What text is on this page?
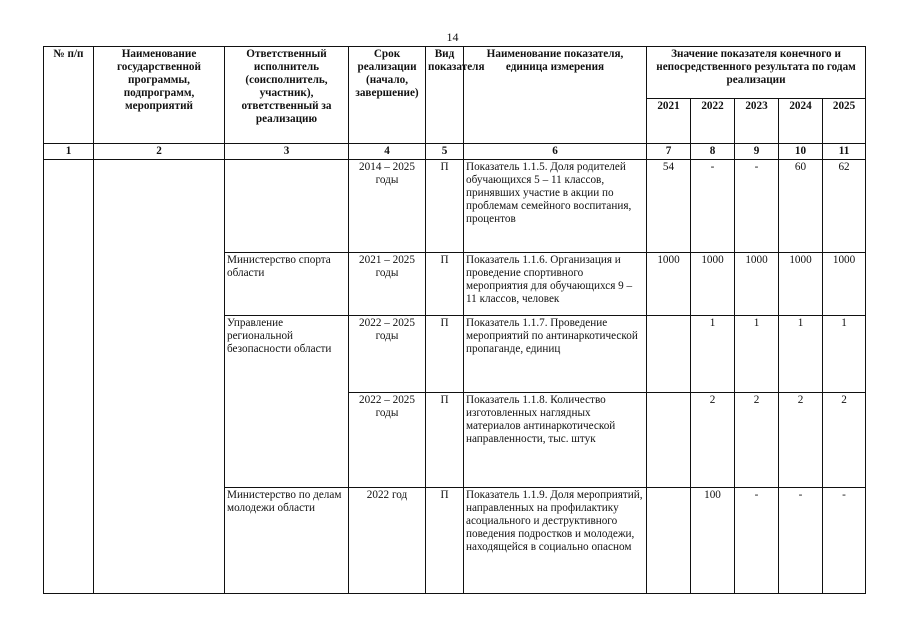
14
№ п/п	Наименование государственной программы, подпрограмм, мероприятий	Ответственный исполнитель (соисполнитель, участник), ответственный за реализацию	Срок реализации (начало, завершение)	Вид показателя	Наименование показателя, единица измерения	Значение показателя конечного и непосредственного результата по годам реализации				
						2021	2022	2023	2024	2025
1	2	3	4	5	6	7	8	9	10	11
			2014 – 2025 годы	П	Показатель 1.1.5. Доля родителей обучающихся 5 – 11 классов, принявших участие в акции по проблемам семейного воспитания, процентов	54	-	-	60	62
		Министерство спорта области	2021 – 2025 годы	П	Показатель 1.1.6. Организация и проведение спортивного мероприятия для обучающихся 9 – 11 классов, человек	1000	1000	1000	1000	1000
		Управление региональной безопасности области	2022 – 2025 годы	П	Показатель 1.1.7. Проведение мероприятий по антинаркотической пропаганде, единиц		1	1	1	1
			2022 – 2025 годы	П	Показатель 1.1.8. Количество изготовленных наглядных материалов антинаркотической направленности, тыс. штук		2	2	2	2
		Министерство по делам молодежи области	2022 год	П	Показатель 1.1.9. Доля мероприятий, направленных на профилактику асоциального и деструктивного поведения подростков и молодежи, находящейся в социально опасном		100	-	-	-
